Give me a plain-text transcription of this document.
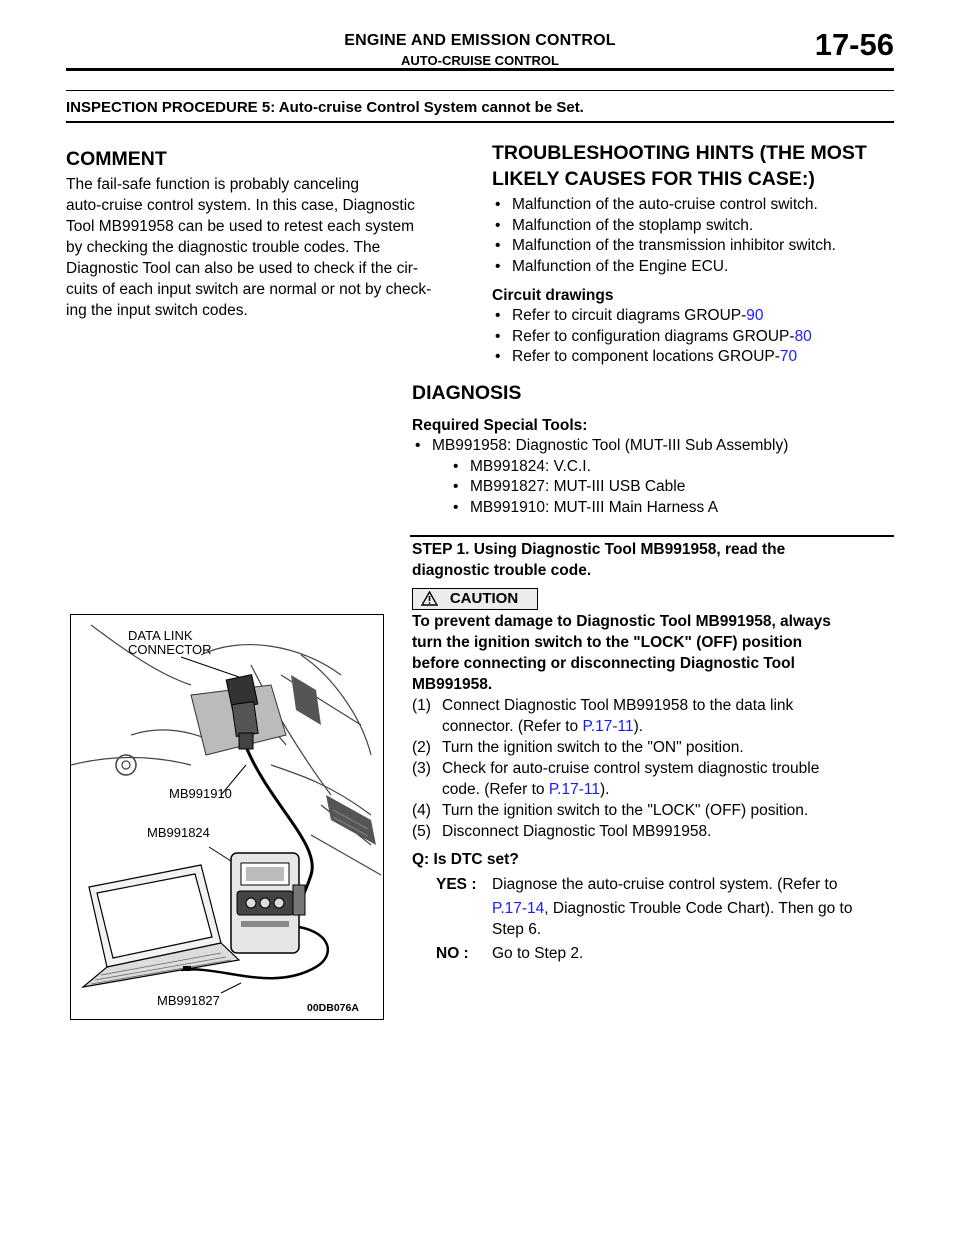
ENGINE AND EMISSION CONTROL
AUTO-CRUISE CONTROL	17-56
INSPECTION PROCEDURE 5: Auto-cruise Control System cannot be Set.
COMMENT
The fail-safe function is probably canceling
auto-cruise control system. In this case, Diagnostic
Tool MB991958 can be used to retest each system
by checking the diagnostic trouble codes. The
Diagnostic Tool can also be used to check if the cir-
cuits of each input switch are normal or not by check-
ing the input switch codes.
TROUBLESHOOTING HINTS (THE MOST
LIKELY CAUSES FOR THIS CASE:)
• Malfunction of the auto-cruise control switch.
• Malfunction of the stoplamp switch.
• Malfunction of the transmission inhibitor switch.
• Malfunction of the Engine ECU.
Circuit drawings
• Refer to circuit diagrams GROUP-90
• Refer to configuration diagrams GROUP-80
• Refer to component locations GROUP-70
DIAGNOSIS
Required Special Tools:
• MB991958: Diagnostic Tool (MUT-III Sub Assembly)
• MB991824: V.C.I.
• MB991827: MUT-III USB Cable
• MB991910: MUT-III Main Harness A
STEP 1. Using Diagnostic Tool MB991958, read the
diagnostic trouble code.
CAUTION
To prevent damage to Diagnostic Tool MB991958, always
turn the ignition switch to the "LOCK" (OFF) position
before connecting or disconnecting Diagnostic Tool
MB991958.
(1) Connect Diagnostic Tool MB991958 to the data link
connector. (Refer to P.17-11).
(2) Turn the ignition switch to the "ON" position.
(3) Check for auto-cruise control system diagnostic trouble
code. (Refer to P.17-11).
(4) Turn the ignition switch to the "LOCK" (OFF) position.
(5) Disconnect Diagnostic Tool MB991958.
Q: Is DTC set?
YES : Diagnose the auto-cruise control system. (Refer to
P.17-14, Diagnostic Trouble Code Chart). Then go to
Step 6.
NO : Go to Step 2.
DATA LINK
CONNECTOR
MB991910
MB991824
MB991827	00DB076A
